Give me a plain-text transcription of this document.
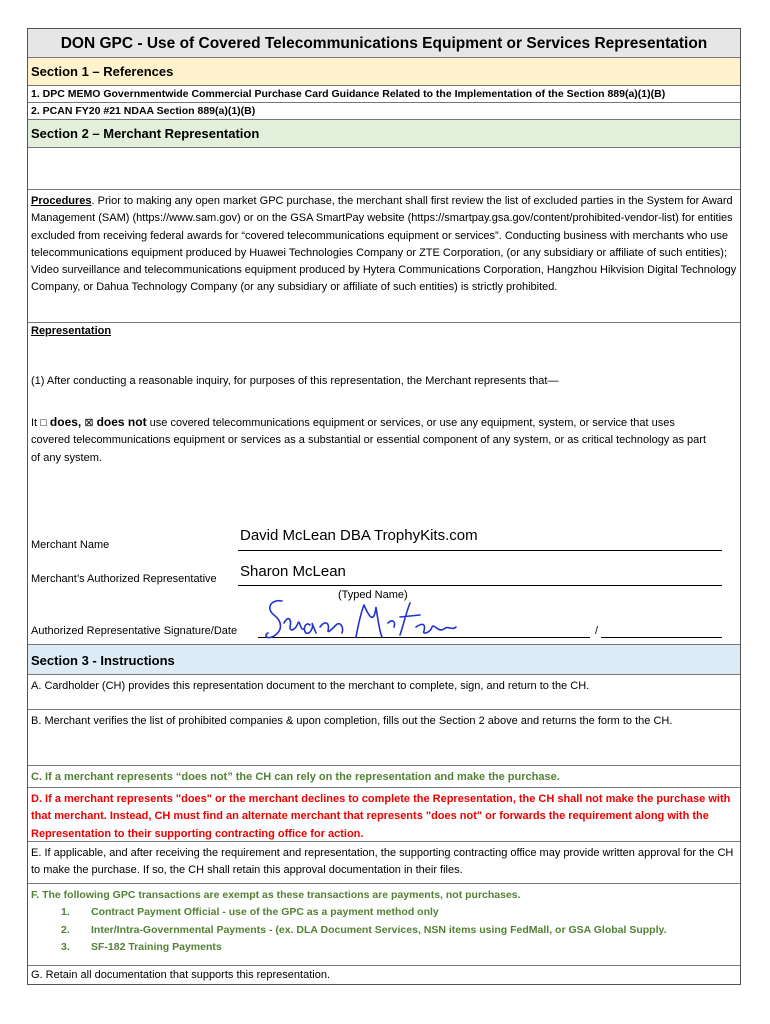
DON GPC - Use of Covered Telecommunications Equipment or Services Representation
Section 1 – References
1. DPC MEMO Governmentwide Commercial Purchase Card Guidance Related to the Implementation of the Section 889(a)(1)(B)
2. PCAN FY20 #21 NDAA Section 889(a)(1)(B)
Section 2 – Merchant Representation
Procedures. Prior to making any open market GPC purchase, the merchant shall first review the list of excluded parties in the System for Award Management (SAM) (https://www.sam.gov) or on the GSA SmartPay website (https://smartpay.gsa.gov/content/prohibited-vendor-list) for entities excluded from receiving federal awards for “covered telecommunications equipment or services”. Conducting business with merchants who use telecommunications equipment produced by Huawei Technologies Company or ZTE Corporation, (or any subsidiary or affiliate of such entities); Video surveillance and telecommunications equipment produced by Hytera Communications Corporation, Hangzhou Hikvision Digital Technology Company, or Dahua Technology Company (or any subsidiary or affiliate of such entities) is strictly prohibited.
Representation
(1) After conducting a reasonable inquiry, for purposes of this representation, the Merchant represents that—
It □ does, ⊠ does not use covered telecommunications equipment or services, or use any equipment, system, or service that uses covered telecommunications equipment or services as a substantial or essential component of any system, or as critical technology as part of any system.
Merchant Name
David McLean DBA TrophyKits.com
Merchant’s Authorized Representative Sharon McLean
(Typed Name)
Authorized Representative Signature/Date	/
Section 3 - Instructions
A. Cardholder (CH) provides this representation document to the merchant to complete, sign, and return to the CH.
B. Merchant verifies the list of prohibited companies & upon completion, fills out the Section 2 above and returns the form to the CH.
C. If a merchant represents “does not” the CH can rely on the representation and make the purchase.
D. If a merchant represents "does" or the merchant declines to complete the Representation, the CH shall not make the purchase with that merchant. Instead, CH must find an alternate merchant that represents "does not" or forwards the requirement along with the Representation to their supporting contracting office for action.
E. If applicable, and after receiving the requirement and representation, the supporting contracting office may provide written approval for the CH to make the purchase. If so, the CH shall retain this approval documentation in their files.
F. The following GPC transactions are exempt as these transactions are payments, not purchases.
1. Contract Payment Official - use of the GPC as a payment method only
2. Inter/Intra-Governmental Payments - (ex. DLA Document Services, NSN items using FedMall, or GSA Global Supply.
3. SF-182 Training Payments
G. Retain all documentation that supports this representation.
